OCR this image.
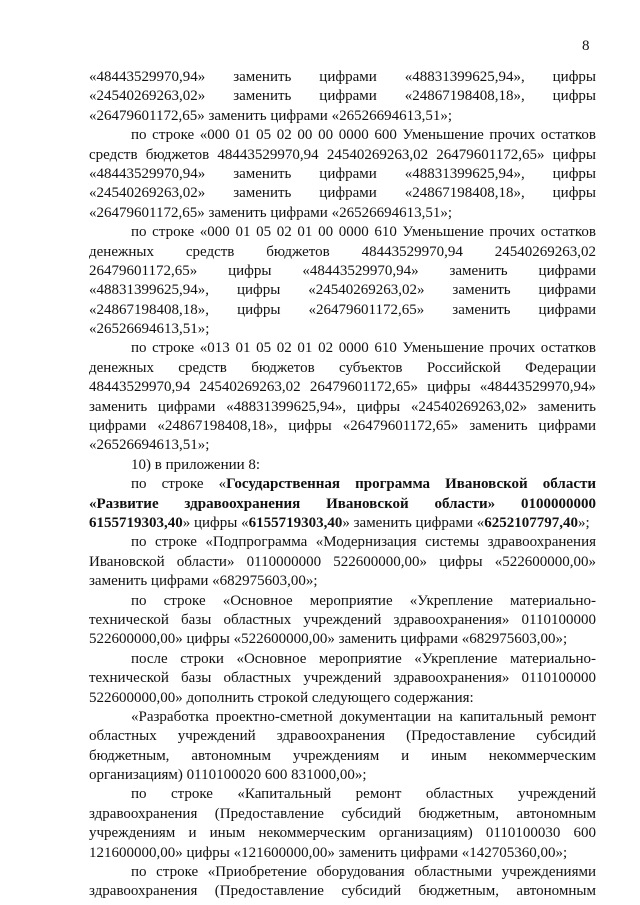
8
«48443529970,94» заменить цифрами «48831399625,94», цифры
«24540269263,02» заменить цифрами «24867198408,18», цифры
«26479601172,65» заменить цифрами «26526694613,51»;
по строке «000 01 05 02 00 00 0000 600 Уменьшение прочих остатков
средств бюджетов 48443529970,94 24540269263,02 26479601172,65» цифры
«48443529970,94» заменить цифрами «48831399625,94», цифры
«24540269263,02» заменить цифрами «24867198408,18», цифры
«26479601172,65» заменить цифрами «26526694613,51»;
по строке «000 01 05 02 01 00 0000 610 Уменьшение прочих остатков
денежных средств бюджетов 48443529970,94 24540269263,02
26479601172,65» цифры «48443529970,94» заменить цифрами
«48831399625,94», цифры «24540269263,02» заменить цифрами
«24867198408,18», цифры «26479601172,65» заменить цифрами
«26526694613,51»;
по строке «013 01 05 02 01 02 0000 610 Уменьшение прочих остатков
денежных средств бюджетов субъектов Российской Федерации
48443529970,94 24540269263,02 26479601172,65» цифры «48443529970,94»
заменить цифрами «48831399625,94», цифры «24540269263,02» заменить
цифрами «24867198408,18», цифры «26479601172,65» заменить цифрами
«26526694613,51»;
10) в приложении 8:
по строке «Государственная программа Ивановской области
«Развитие здравоохранения Ивановской области» 0100000000
6155719303,40» цифры «6155719303,40» заменить цифрами «6252107797,40»;
по строке «Подпрограмма «Модернизация системы здравоохранения
Ивановской области» 0110000000 522600000,00» цифры «522600000,00»
заменить цифрами «682975603,00»;
по строке «Основное мероприятие «Укрепление материально-
технической базы областных учреждений здравоохранения» 0110100000
522600000,00» цифры «522600000,00» заменить цифрами «682975603,00»;
после строки «Основное мероприятие «Укрепление материально-
технической базы областных учреждений здравоохранения» 0110100000
522600000,00» дополнить строкой следующего содержания:
«Разработка проектно-сметной документации на капитальный ремонт
областных учреждений здравоохранения (Предоставление субсидий
бюджетным, автономным учреждениям и иным некоммерческим
организациям) 0110100020 600 831000,00»;
по строке «Капитальный ремонт областных учреждений
здравоохранения (Предоставление субсидий бюджетным, автономным
учреждениям и иным некоммерческим организациям) 0110100030 600
121600000,00» цифры «121600000,00» заменить цифрами «142705360,00»;
по строке «Приобретение оборудования областными учреждениями
здравоохранения (Предоставление субсидий бюджетным, автономным
